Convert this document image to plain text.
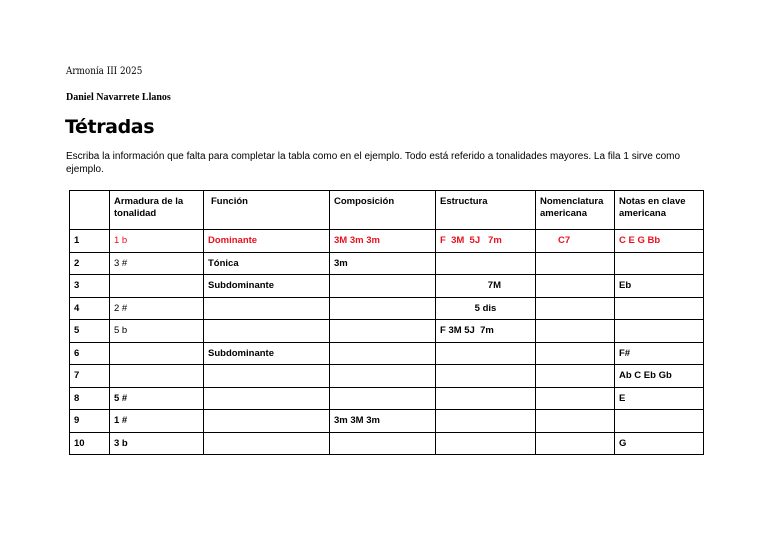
Armonía III 2025
Daniel Navarrete Llanos
Tétradas
Escriba la información que falta para completar la tabla como en el ejemplo. Todo está referido a tonalidades mayores. La fila 1 sirve como ejemplo.
	Armadura de la tonalidad	Función	Composición	Estructura	Nomenclatura americana	Notas en clave americana
1	1 b	Dominante	3M 3m 3m	F  3M  5J   7m	C7	C E G Bb
2	3 #	Tónica	3m			
3		Subdominante		7M		Eb
4	2 #			5 dis		
5	5 b			F 3M 5J  7m		
6		Subdominante				F#
7						Ab C Eb Gb
8	5 #					E
9	1 #		3m 3M 3m			
10	3 b					G
